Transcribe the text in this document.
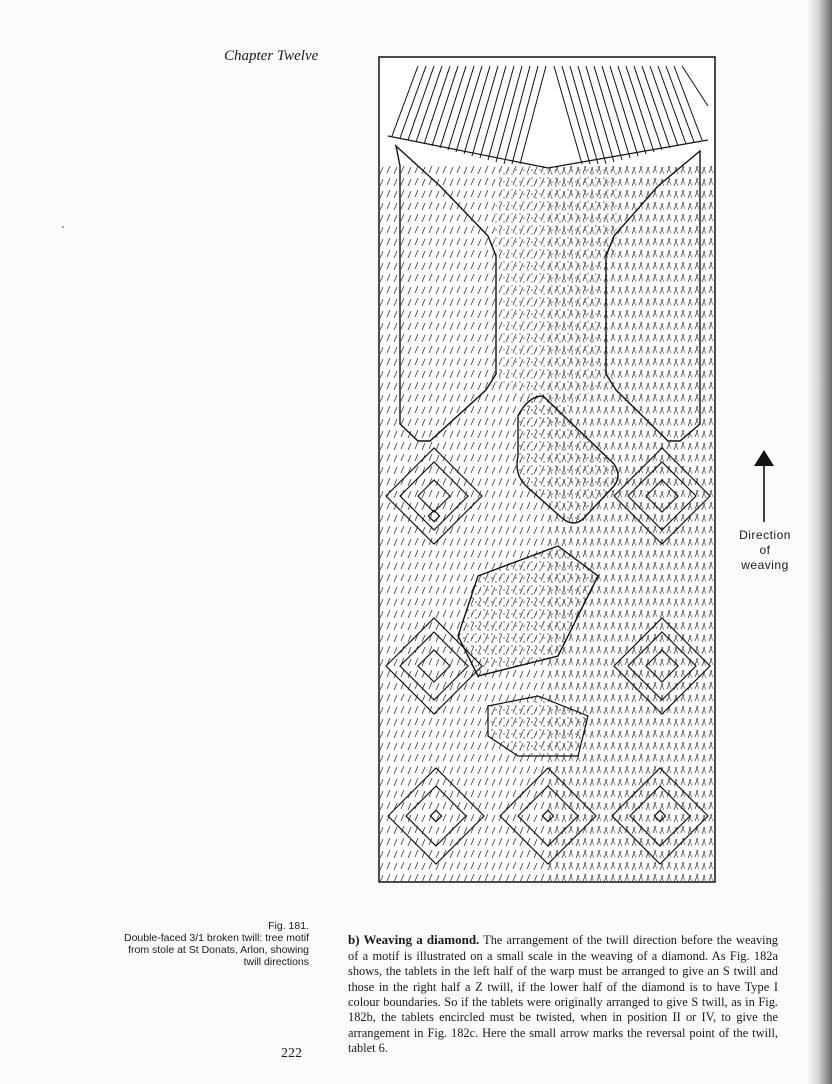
Chapter Twelve
Direction
of
weaving
Fig. 181.
Double-faced 3/1 broken twill: tree motif
from stole at St Donats, Arlon, showing
twill directions

b) Weaving a diamond. The arrangement of the twill direction before the weaving of a motif is illustrated on a small scale in the weaving of a diamond. As Fig. 182a shows, the tablets in the left half of the warp must be arranged to give an S twill and those in the right half a Z twill, if the lower half of the diamond is to have Type I colour boundaries. So if the tablets were originally arranged to give S twill, as in Fig. 182b, the tablets encircled must be twisted, when in position II or IV, to give the arrangement in Fig. 182c. Here the small arrow marks the reversal point of the twill, tablet 6.

222
